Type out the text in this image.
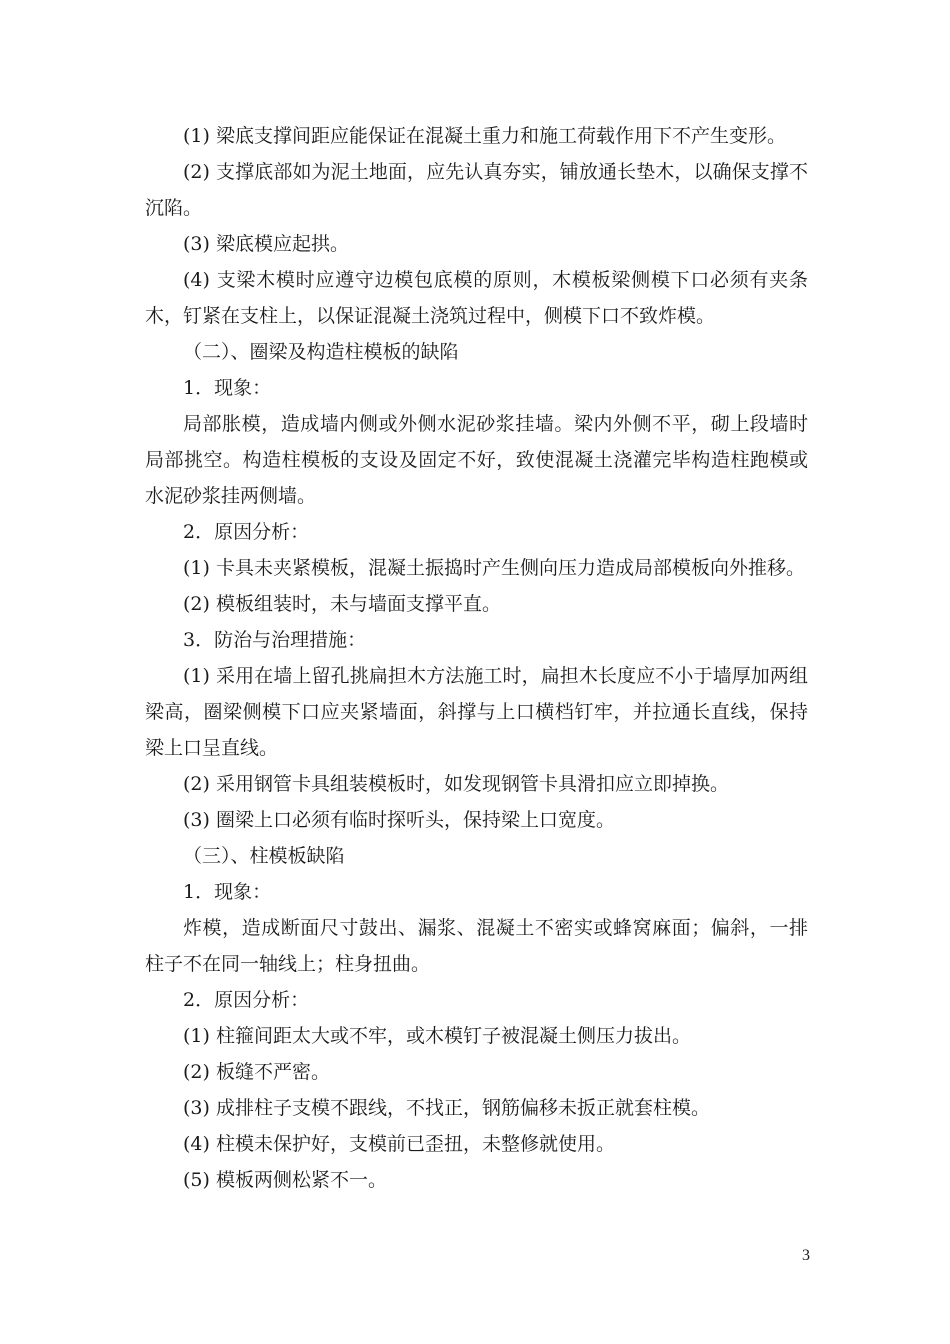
(1) 梁底支撑间距应能保证在混凝土重力和施工荷载作用下不产生变形。

(2) 支撑底部如为泥土地面，应先认真夯实，铺放通长垫木，以确保支撑不沉陷。

(3) 梁底模应起拱。

(4) 支梁木模时应遵守边模包底模的原则，木模板梁侧模下口必须有夹条木，钉紧在支柱上，以保证混凝土浇筑过程中，侧模下口不致炸模。

（二）、圈梁及构造柱模板的缺陷

1．现象：

局部胀模，造成墙内侧或外侧水泥砂浆挂墙。梁内外侧不平，砌上段墙时局部挑空。构造柱模板的支设及固定不好，致使混凝土浇灌完毕构造柱跑模或水泥砂浆挂两侧墙。

2．原因分析：

(1) 卡具未夹紧模板，混凝土振捣时产生侧向压力造成局部模板向外推移。

(2) 模板组装时，未与墙面支撑平直。

3．防治与治理措施：

(1) 采用在墙上留孔挑扁担木方法施工时，扁担木长度应不小于墙厚加两组梁高，圈梁侧模下口应夹紧墙面，斜撑与上口横档钉牢，并拉通长直线，保持梁上口呈直线。

(2) 采用钢管卡具组装模板时，如发现钢管卡具滑扣应立即掉换。

(3) 圈梁上口必须有临时探听头，保持梁上口宽度。

（三）、柱模板缺陷

1．现象：

炸模，造成断面尺寸鼓出、漏浆、混凝土不密实或蜂窝麻面；偏斜，一排柱子不在同一轴线上；柱身扭曲。

2．原因分析：

(1) 柱箍间距太大或不牢，或木模钉子被混凝土侧压力拔出。

(2) 板缝不严密。

(3) 成排柱子支模不跟线，不找正，钢筋偏移未扳正就套柱模。

(4) 柱模未保护好，支模前已歪扭，未整修就使用。

(5) 模板两侧松紧不一。

3
